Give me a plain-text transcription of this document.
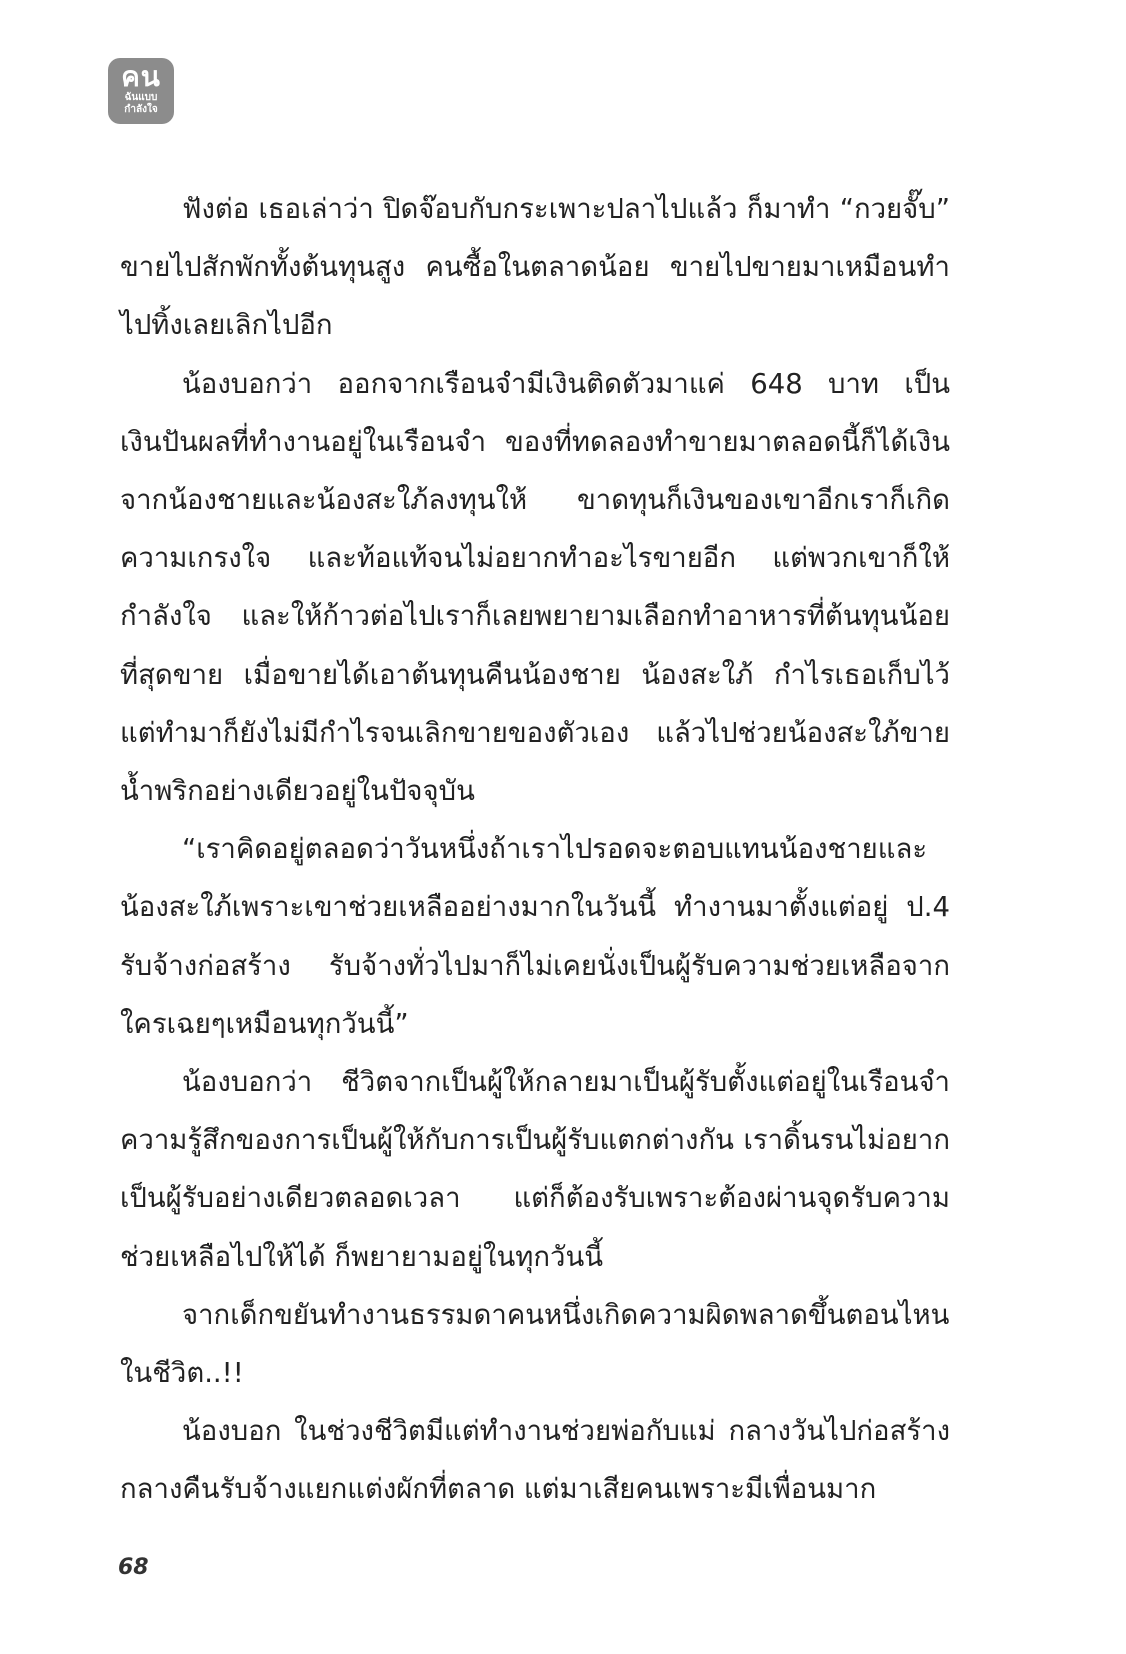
คน
ฉันแบบ
กำลังใจ

ฟังต่อ เธอเล่าว่า ปิดจ๊อบกับกระเพาะปลาไปแล้ว ก็มาทำ “กวยจั๊บ” ขายไปสักพักทั้งต้นทุนสูง คนซื้อในตลาดน้อย ขายไปขายมาเหมือนทำไปทิ้งเลยเลิกไปอีก

น้องบอกว่า ออกจากเรือนจำมีเงินติดตัวมาแค่ 648 บาท เป็นเงินปันผลที่ทำงานอยู่ในเรือนจำ ของที่ทดลองทำขายมาตลอดนี้ก็ได้เงินจากน้องชายและน้องสะใภ้ลงทุนให้ ขาดทุนก็เงินของเขาอีกเราก็เกิดความเกรงใจ และท้อแท้จนไม่อยากทำอะไรขายอีก แต่พวกเขาก็ให้กำลังใจ และให้ก้าวต่อไปเราก็เลยพยายามเลือกทำอาหารที่ต้นทุนน้อยที่สุดขาย เมื่อขายได้เอาต้นทุนคืนน้องชาย น้องสะใภ้ กำไรเธอเก็บไว้ แต่ทำมาก็ยังไม่มีกำไรจนเลิกขายของตัวเอง แล้วไปช่วยน้องสะใภ้ขายน้ำพริกอย่างเดียวอยู่ในปัจจุบัน

“เราคิดอยู่ตลอดว่าวันหนึ่งถ้าเราไปรอดจะตอบแทนน้องชายและน้องสะใภ้เพราะเขาช่วยเหลืออย่างมากในวันนี้ ทำงานมาตั้งแต่อยู่ ป.4 รับจ้างก่อสร้าง รับจ้างทั่วไปมาก็ไม่เคยนั่งเป็นผู้รับความช่วยเหลือจากใครเฉยๆเหมือนทุกวันนี้”

น้องบอกว่า ชีวิตจากเป็นผู้ให้กลายมาเป็นผู้รับตั้งแต่อยู่ในเรือนจำความรู้สึกของการเป็นผู้ให้กับการเป็นผู้รับแตกต่างกัน เราดิ้นรนไม่อยากเป็นผู้รับอย่างเดียวตลอดเวลา แต่ก็ต้องรับเพราะต้องผ่านจุดรับความช่วยเหลือไปให้ได้ ก็พยายามอยู่ในทุกวันนี้

จากเด็กขยันทำงานธรรมดาคนหนึ่งเกิดความผิดพลาดขึ้นตอนไหนในชีวิต..!!

น้องบอก ในช่วงชีวิตมีแต่ทำงานช่วยพ่อกับแม่ กลางวันไปก่อสร้างกลางคืนรับจ้างแยกแต่งผักที่ตลาด แต่มาเสียคนเพราะมีเพื่อนมาก

68
